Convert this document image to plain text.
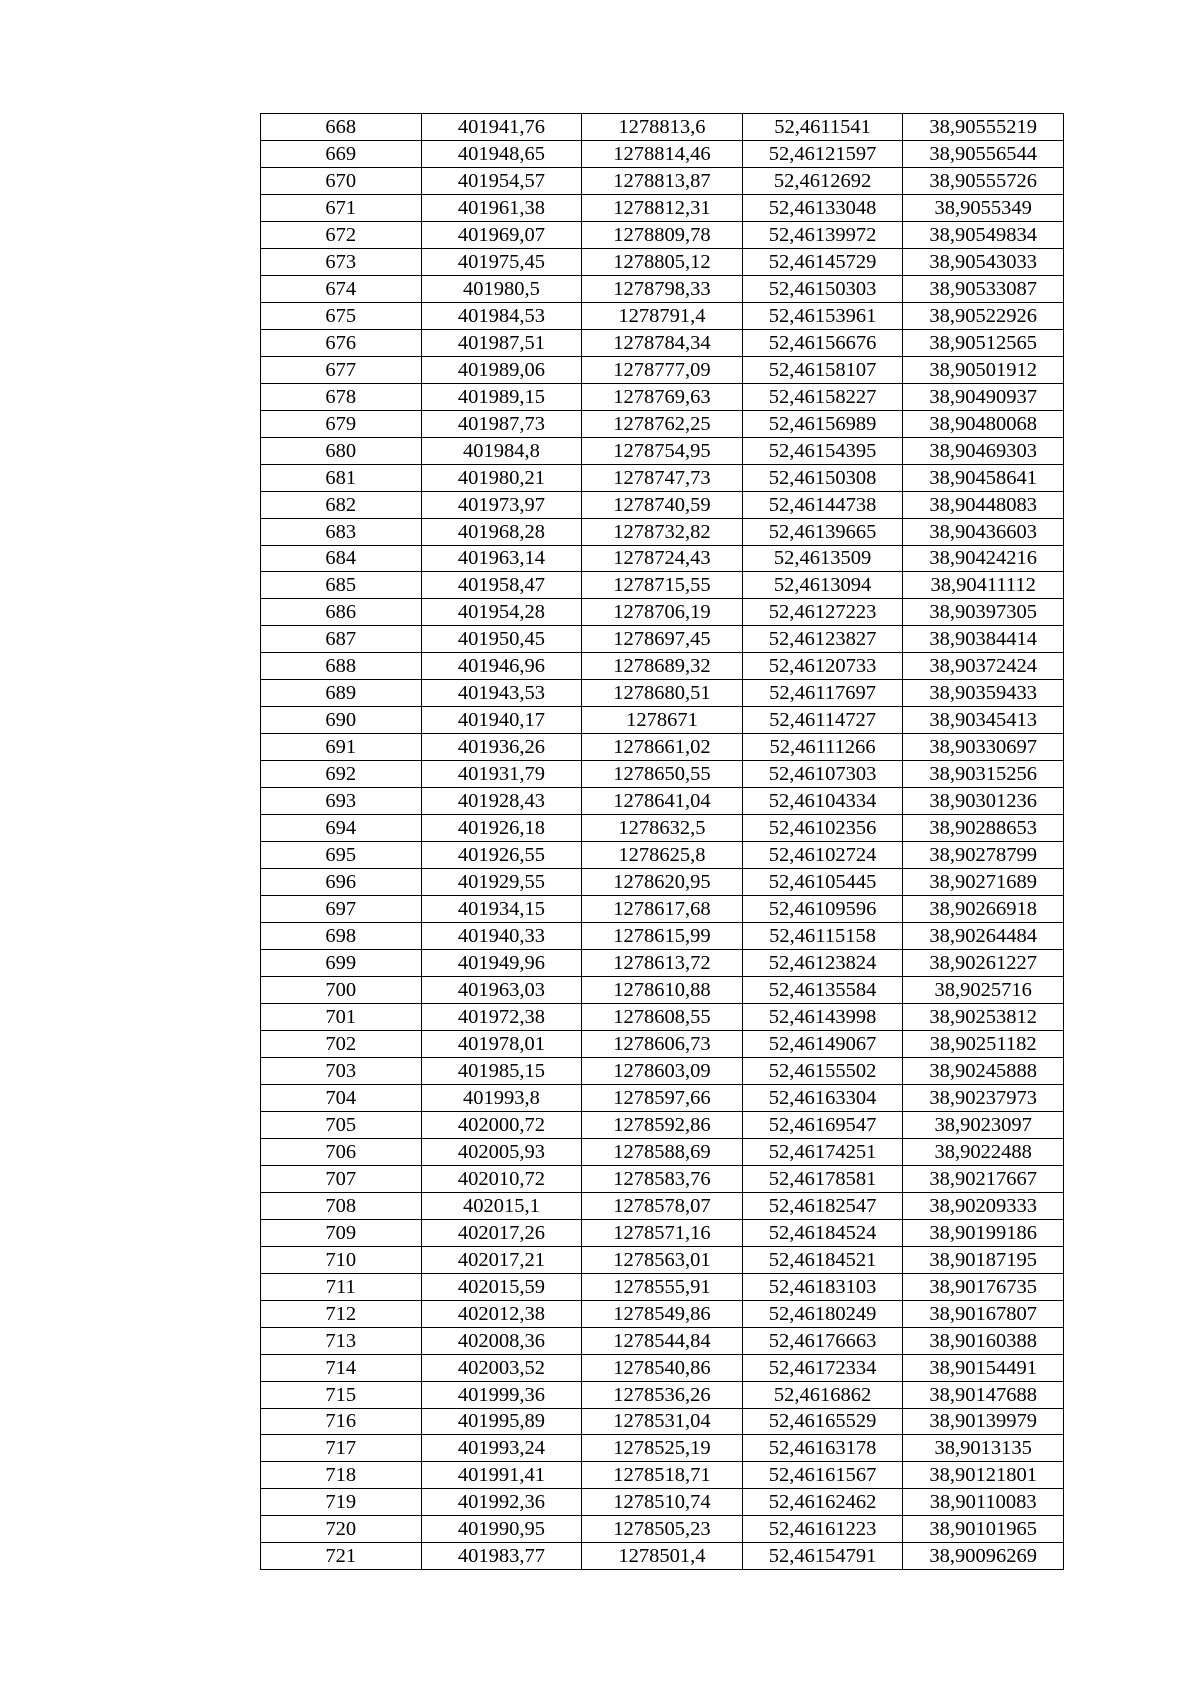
668	401941,76	1278813,6	52,4611541	38,90555219
669	401948,65	1278814,46	52,46121597	38,90556544
670	401954,57	1278813,87	52,4612692	38,90555726
671	401961,38	1278812,31	52,46133048	38,9055349
672	401969,07	1278809,78	52,46139972	38,90549834
673	401975,45	1278805,12	52,46145729	38,90543033
674	401980,5	1278798,33	52,46150303	38,90533087
675	401984,53	1278791,4	52,46153961	38,90522926
676	401987,51	1278784,34	52,46156676	38,90512565
677	401989,06	1278777,09	52,46158107	38,90501912
678	401989,15	1278769,63	52,46158227	38,90490937
679	401987,73	1278762,25	52,46156989	38,90480068
680	401984,8	1278754,95	52,46154395	38,90469303
681	401980,21	1278747,73	52,46150308	38,90458641
682	401973,97	1278740,59	52,46144738	38,90448083
683	401968,28	1278732,82	52,46139665	38,90436603
684	401963,14	1278724,43	52,4613509	38,90424216
685	401958,47	1278715,55	52,4613094	38,90411112
686	401954,28	1278706,19	52,46127223	38,90397305
687	401950,45	1278697,45	52,46123827	38,90384414
688	401946,96	1278689,32	52,46120733	38,90372424
689	401943,53	1278680,51	52,46117697	38,90359433
690	401940,17	1278671	52,46114727	38,90345413
691	401936,26	1278661,02	52,46111266	38,90330697
692	401931,79	1278650,55	52,46107303	38,90315256
693	401928,43	1278641,04	52,46104334	38,90301236
694	401926,18	1278632,5	52,46102356	38,90288653
695	401926,55	1278625,8	52,46102724	38,90278799
696	401929,55	1278620,95	52,46105445	38,90271689
697	401934,15	1278617,68	52,46109596	38,90266918
698	401940,33	1278615,99	52,46115158	38,90264484
699	401949,96	1278613,72	52,46123824	38,90261227
700	401963,03	1278610,88	52,46135584	38,9025716
701	401972,38	1278608,55	52,46143998	38,90253812
702	401978,01	1278606,73	52,46149067	38,90251182
703	401985,15	1278603,09	52,46155502	38,90245888
704	401993,8	1278597,66	52,46163304	38,90237973
705	402000,72	1278592,86	52,46169547	38,9023097
706	402005,93	1278588,69	52,46174251	38,9022488
707	402010,72	1278583,76	52,46178581	38,90217667
708	402015,1	1278578,07	52,46182547	38,90209333
709	402017,26	1278571,16	52,46184524	38,90199186
710	402017,21	1278563,01	52,46184521	38,90187195
711	402015,59	1278555,91	52,46183103	38,90176735
712	402012,38	1278549,86	52,46180249	38,90167807
713	402008,36	1278544,84	52,46176663	38,90160388
714	402003,52	1278540,86	52,46172334	38,90154491
715	401999,36	1278536,26	52,4616862	38,90147688
716	401995,89	1278531,04	52,46165529	38,90139979
717	401993,24	1278525,19	52,46163178	38,9013135
718	401991,41	1278518,71	52,46161567	38,90121801
719	401992,36	1278510,74	52,46162462	38,90110083
720	401990,95	1278505,23	52,46161223	38,90101965
721	401983,77	1278501,4	52,46154791	38,90096269
